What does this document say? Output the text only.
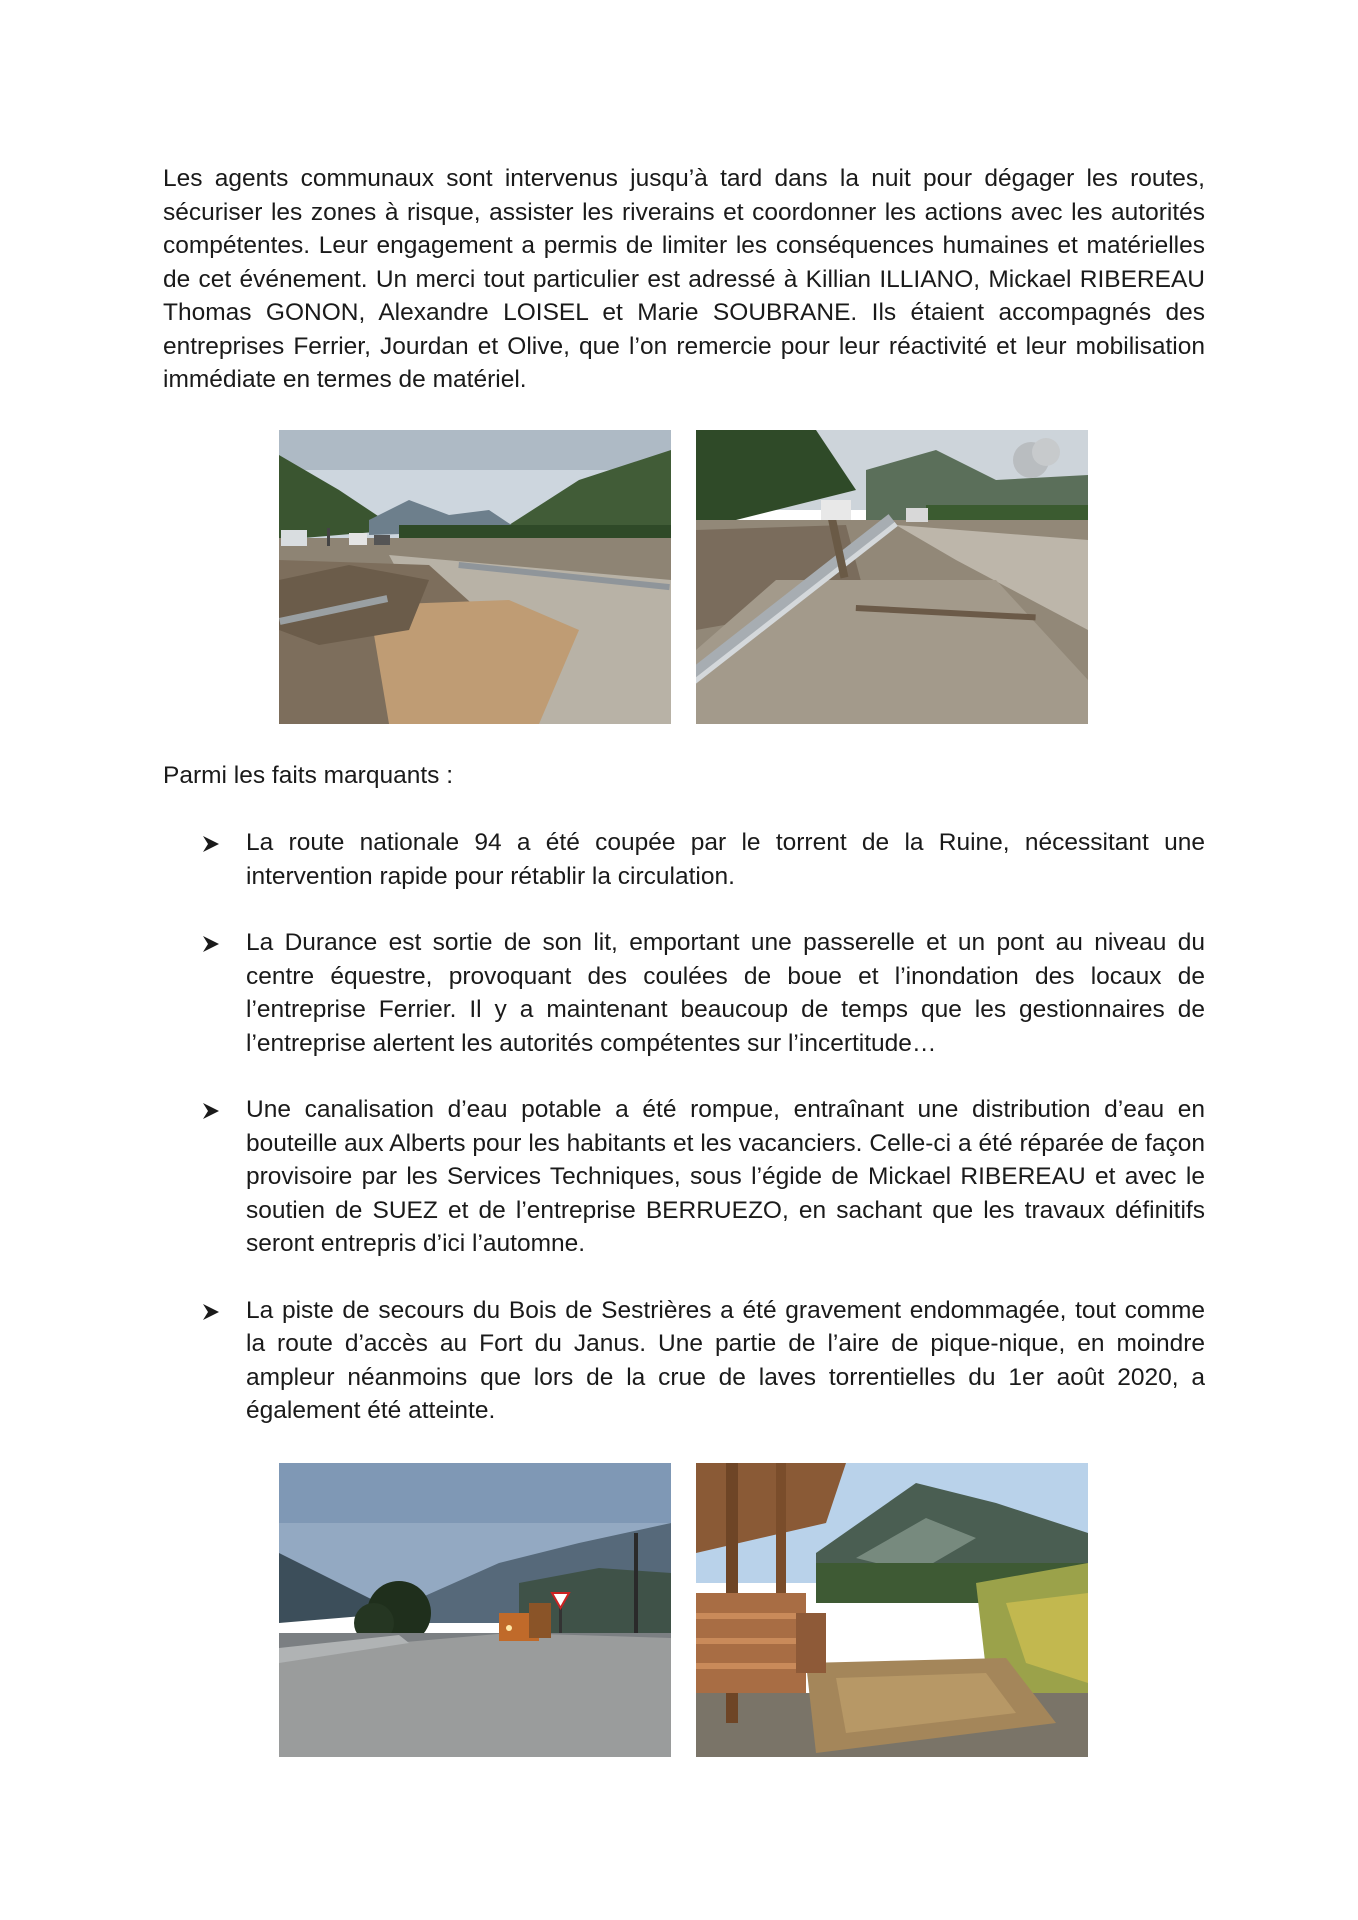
Les agents communaux sont intervenus jusqu’à tard dans la nuit pour dégager les routes, sécuriser les zones à risque, assister les riverains et coordonner les actions avec les autorités compétentes. Leur engagement a permis de limiter les conséquences humaines et matérielles de cet événement. Un merci tout particulier est adressé à Killian ILLIANO, Mickael RIBEREAU Thomas GONON, Alexandre LOISEL et Marie SOUBRANE. Ils étaient accompagnés des entreprises Ferrier, Jourdan et Olive, que l’on remercie pour leur réactivité et leur mobilisation immédiate en termes de matériel.

Parmi les faits marquants :

La route nationale 94 a été coupée par le torrent de la Ruine, nécessitant une intervention rapide pour rétablir la circulation.
La Durance est sortie de son lit, emportant une passerelle et un pont au niveau du centre équestre, provoquant des coulées de boue et l’inondation des locaux de l’entreprise Ferrier. Il y a maintenant beaucoup de temps que les gestionnaires de l’entreprise alertent les autorités compétentes sur l’incertitude…
Une canalisation d’eau potable a été rompue, entraînant une distribution d’eau en bouteille aux Alberts pour les habitants et les vacanciers. Celle-ci a été réparée de façon provisoire par les Services Techniques, sous l’égide de Mickael RIBEREAU et avec le soutien de SUEZ et de l’entreprise BERRUEZO, en sachant que les travaux définitifs seront entrepris d’ici l’automne.
La piste de secours du Bois de Sestrières a été gravement endommagée, tout comme la route d’accès au Fort du Janus. Une partie de l’aire de pique-nique, en moindre ampleur néanmoins que lors de la crue de laves torrentielles du 1er août 2020, a également été atteinte.
